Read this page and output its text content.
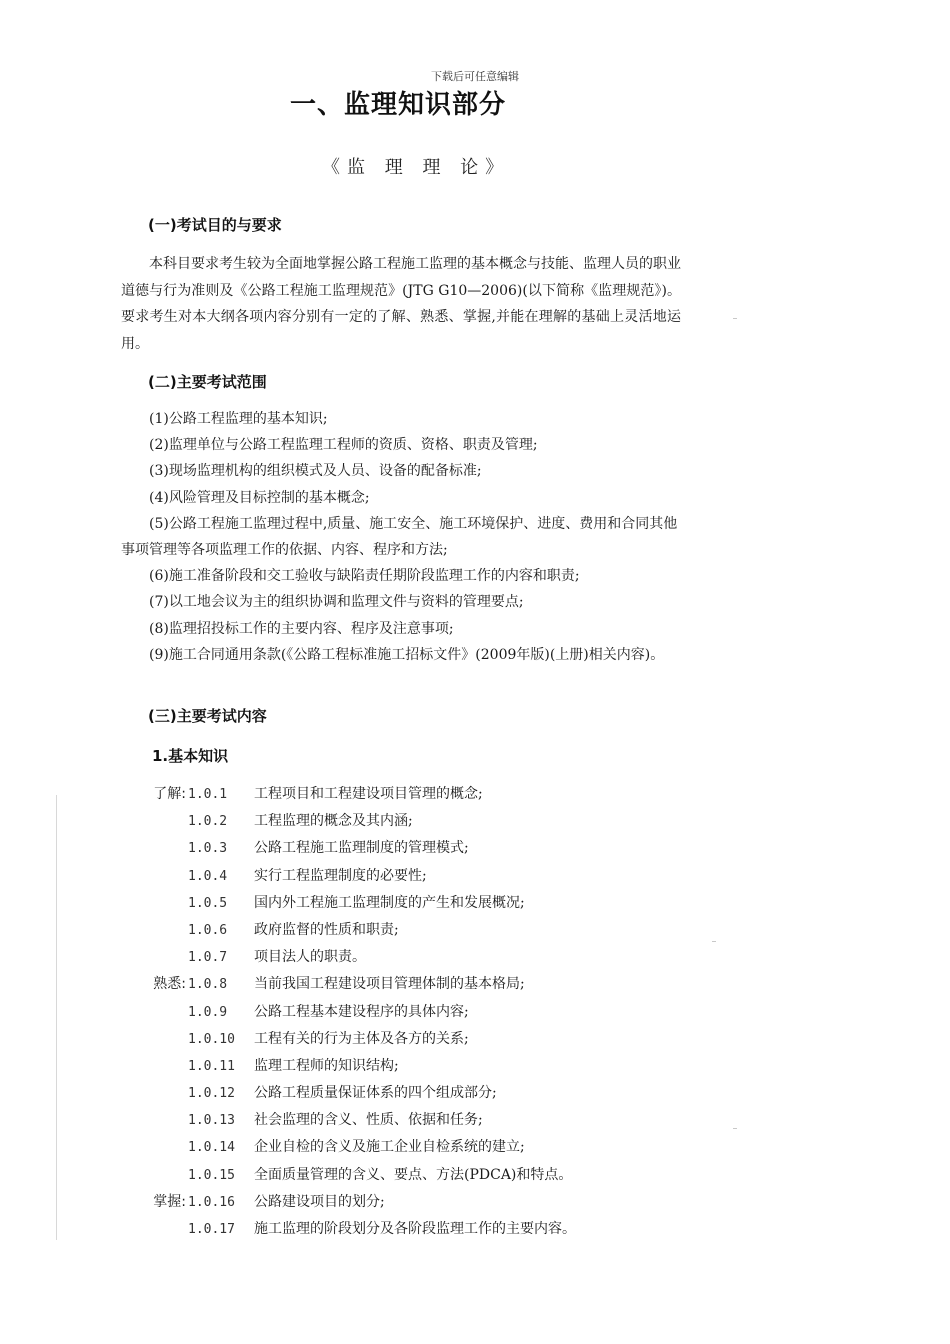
下载后可任意编辑
一、监理知识部分
《监 理 理 论》
(一)考试目的与要求
本科目要求考生较为全面地掌握公路工程施工监理的基本概念与技能、监理人员的职业道德与行为准则及《公路工程施工监理规范》(JTG G10—2006)(以下简称《监理规范》)。要求考生对本大纲各项内容分别有一定的了解、熟悉、掌握,并能在理解的基础上灵活地运用。
(二)主要考试范围
(1)公路工程监理的基本知识;
(2)监理单位与公路工程监理工程师的资质、资格、职责及管理;
(3)现场监理机构的组织模式及人员、设备的配备标准;
(4)风险管理及目标控制的基本概念;
(5)公路工程施工监理过程中,质量、施工安全、施工环境保护、进度、费用和合同其他事项管理等各项监理工作的依据、内容、程序和方法;
(6)施工准备阶段和交工验收与缺陷责任期阶段监理工作的内容和职责;
(7)以工地会议为主的组织协调和监理文件与资料的管理要点;
(8)监理招投标工作的主要内容、程序及注意事项;
(9)施工合同通用条款(《公路工程标准施工招标文件》(2009年版)(上册)相关内容)。
(三)主要考试内容
1.基本知识
了解: 1.0.1 工程项目和工程建设项目管理的概念;
1.0.2 工程监理的概念及其内涵;
1.0.3 公路工程施工监理制度的管理模式;
1.0.4 实行工程监理制度的必要性;
1.0.5 国内外工程施工监理制度的产生和发展概况;
1.0.6 政府监督的性质和职责;
1.0.7 项目法人的职责。
熟悉: 1.0.8 当前我国工程建设项目管理体制的基本格局;
1.0.9 公路工程基本建设程序的具体内容;
1.0.10 工程有关的行为主体及各方的关系;
1.0.11 监理工程师的知识结构;
1.0.12 公路工程质量保证体系的四个组成部分;
1.0.13 社会监理的含义、性质、依据和任务;
1.0.14 企业自检的含义及施工企业自检系统的建立;
1.0.15 全面质量管理的含义、要点、方法(PDCA)和特点。
掌握: 1.0.16 公路建设项目的划分;
1.0.17 施工监理的阶段划分及各阶段监理工作的主要内容。
